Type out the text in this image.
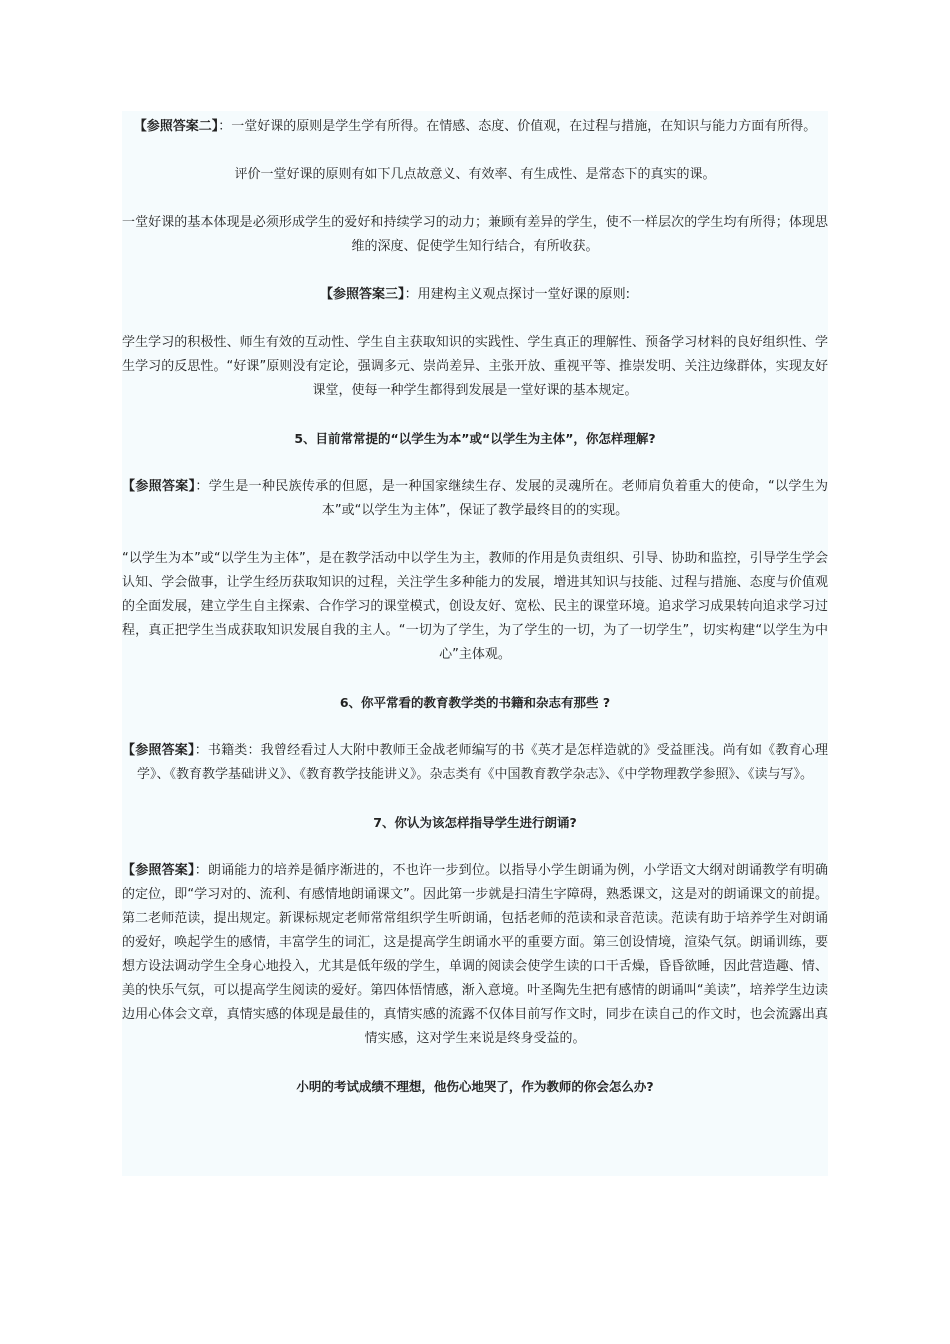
【参照答案二】：一堂好课的原则是学生学有所得。在情感、态度、价值观，在过程与措施，在知识与能力方面有所得。

评价一堂好课的原则有如下几点故意义、有效率、有生成性、是常态下的真实的课。

一堂好课的基本体现是必须形成学生的爱好和持续学习的动力；兼顾有差异的学生，使不一样层次的学生均有所得；体现思维的深度、促使学生知行结合，有所收获。

【参照答案三】：用建构主义观点探讨一堂好课的原则:

学生学习的积极性、师生有效的互动性、学生自主获取知识的实践性、学生真正的理解性、预备学习材料的良好组织性、学生学习的反思性。“好课”原则没有定论，强调多元、崇尚差异、主张开放、重视平等、推崇发明、关注边缘群体，实现友好课堂，使每一种学生都得到发展是一堂好课的基本规定。

5、目前常常提的“以学生为本”或“以学生为主体”，你怎样理解?

【参照答案】：学生是一种民族传承的但愿，是一种国家继续生存、发展的灵魂所在。老师肩负着重大的使命，“以学生为本”或“以学生为主体”，保证了教学最终目的的实现。

“以学生为本”或“以学生为主体”，是在教学活动中以学生为主，教师的作用是负责组织、引导、协助和监控，引导学生学会认知、学会做事，让学生经历获取知识的过程，关注学生多种能力的发展，增进其知识与技能、过程与措施、态度与价值观的全面发展，建立学生自主探索、合作学习的课堂模式，创设友好、宽松、民主的课堂环境。追求学习成果转向追求学习过程，真正把学生当成获取知识发展自我的主人。“一切为了学生，为了学生的一切，为了一切学生”，切实构建“以学生为中心”主体观。

6、你平常看的教育教学类的书籍和杂志有那些 ?

【参照答案】：书籍类：我曾经看过人大附中教师王金战老师编写的书《英才是怎样造就的》受益匪浅。尚有如《教育心理学》、《教育教学基础讲义》、《教育教学技能讲义》。杂志类有《中国教育教学杂志》、《中学物理教学参照》、《读与写》。

7、你认为该怎样指导学生进行朗诵?

【参照答案】：朗诵能力的培养是循序渐进的，不也许一步到位。以指导小学生朗诵为例，小学语文大纲对朗诵教学有明确的定位，即“学习对的、流利、有感情地朗诵课文”。因此第一步就是扫清生字障碍，熟悉课文，这是对的朗诵课文的前提。第二老师范读，提出规定。新课标规定老师常常组织学生听朗诵，包括老师的范读和录音范读。范读有助于培养学生对朗诵的爱好，唤起学生的感情，丰富学生的词汇，这是提高学生朗诵水平的重要方面。第三创设情境，渲染气氛。朗诵训练，要想方设法调动学生全身心地投入，尤其是低年级的学生，单调的阅读会使学生读的口干舌燥，昏昏欲睡，因此营造趣、情、美的快乐气氛，可以提高学生阅读的爱好。第四体悟情感，渐入意境。叶圣陶先生把有感情的朗诵叫“美读”，培养学生边读边用心体会文章，真情实感的体现是最佳的，真情实感的流露不仅体目前写作文时，同步在读自己的作文时，也会流露出真情实感，这对学生来说是终身受益的。

小明的考试成绩不理想，他伤心地哭了，作为教师的你会怎么办?
